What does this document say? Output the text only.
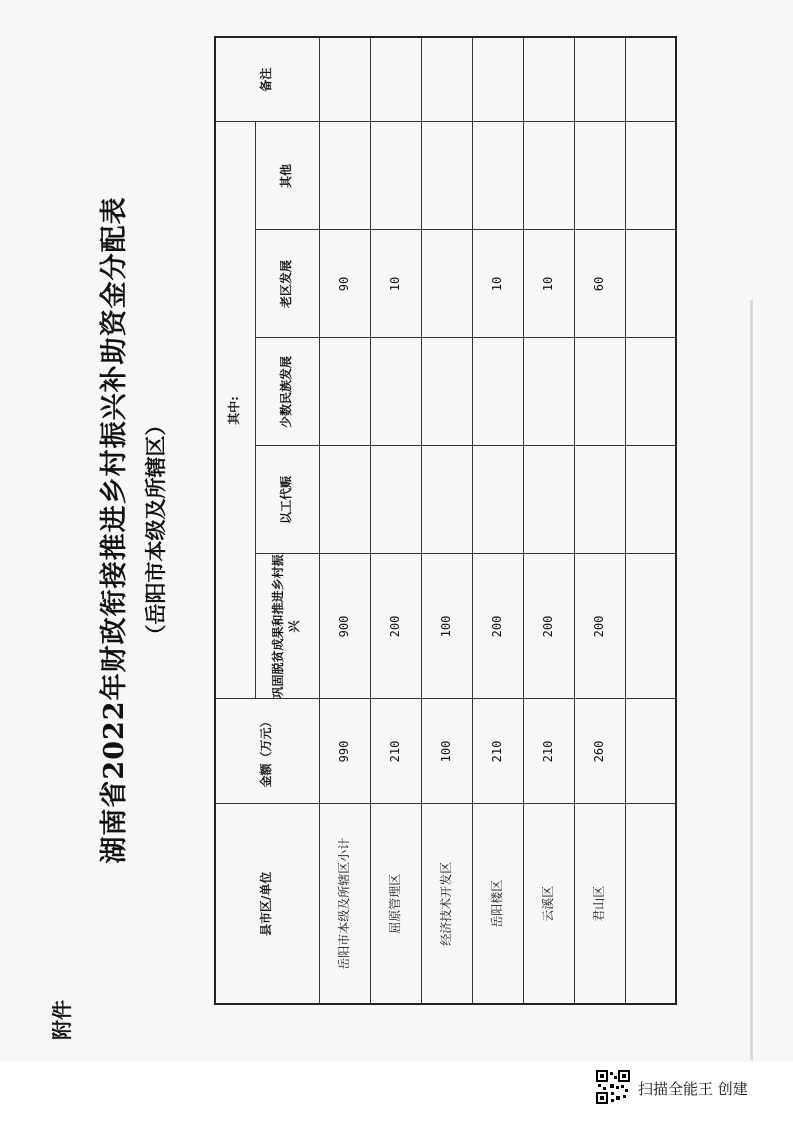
附件
湖南省2022年财政衔接推进乡村振兴补助资金分配表 （岳阳市本级及所辖区）
县市区/单位	金额（万元）	其中:					备注
		巩固脱贫成果和推进乡村振兴	以工代赈	少数民族发展	老区发展	其他	
岳阳市本级及所辖区小计	990	900			90		
屈原管理区	210	200			10		
经济技术开发区	100	100					
岳阳楼区	210	200			10		
云溪区	210	200			10		
君山区	260	200			60		

扫描全能王 创建
